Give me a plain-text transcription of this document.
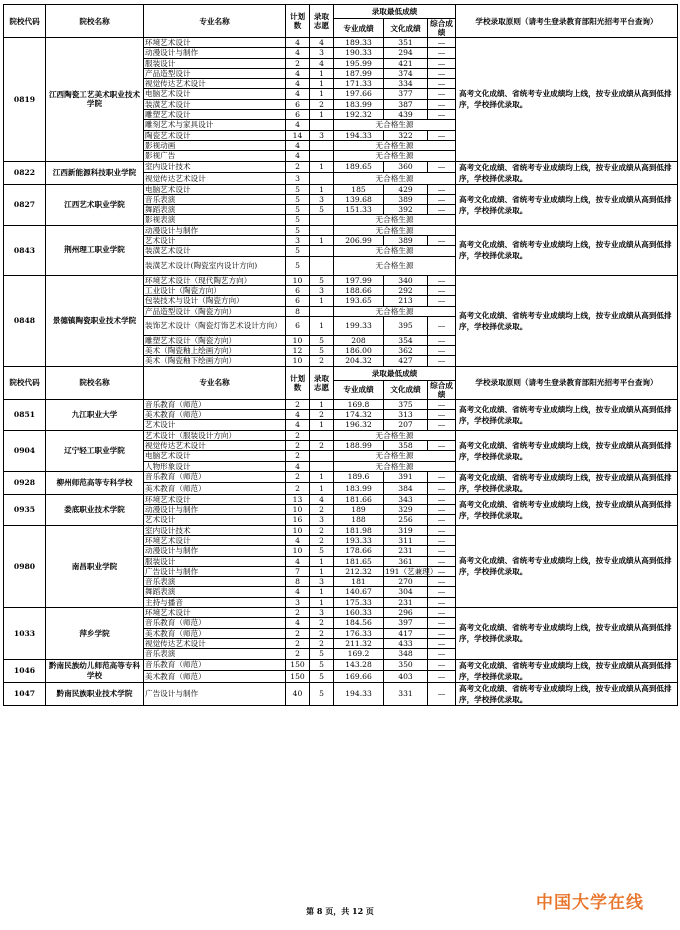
院校代码	院校名称	专业名称	计划数	录取志愿	录取最低成绩			学校录取原则（请考生登录教育部阳光招考平台查询）
					专业成绩	文化成绩	综合成绩	
0819	江西陶瓷工艺美术职业技术学院	环境艺术设计	4	4	189.33	351	—	高考文化成绩、省统考专业成绩均上线，按专业成绩从高到低排序，学校择优录取。
		动漫设计与制作	4	3	190.33	294	—	
		服装设计	2	4	195.99	421	—	
		产品造型设计	4	1	187.99	374	—	
		视觉传达艺术设计	4	1	171.33	334	—	
		电脑艺术设计	4	1	197.66	377	—	
		装潢艺术设计	6	2	183.99	387	—	
		雕塑艺术设计	6	1	192.32	439	—	
		雕刻艺术与家具设计	4		无合格生源			
		陶瓷艺术设计	14	3	194.33	322	—	
		影视动画	4		无合格生源			
		影视广告	4		无合格生源			
0822	江西新能源科技职业学院	室内设计技术	2	1	189.65	360	—	高考文化成绩、省统考专业成绩均上线，按专业成绩从高到低排序，学校择优录取。
		视觉传达艺术设计	3		无合格生源			
0827	江西艺术职业学院	电脑艺术设计	5	1	185	429	—	高考文化成绩、省统考专业成绩均上线，按专业成绩从高到低排序，学校择优录取。
		音乐表演	5	3	139.68	389	—	
		舞蹈表演	5	5	151.33	392	—	
		影视表演	5		无合格生源			
0843	荆州理工职业学院	动漫设计与制作	5		无合格生源			高考文化成绩、省统考专业成绩均上线，按专业成绩从高到低排序，学校择优录取。
		艺术设计	3	1	206.99	389	—	
		装潢艺术设计	5		无合格生源			
		装潢艺术设计(陶瓷室内设计方向)	5		无合格生源			
0848	景德镇陶瓷职业技术学院	环境艺术设计（现代陶艺方向）	10	5	197.99	340	—	高考文化成绩、省统考专业成绩均上线，按专业成绩从高到低排序，学校择优录取。
		工业设计（陶瓷方向）	6	3	188.66	292	—	
		包装技术与设计（陶瓷方向）	6	1	193.65	213	—	
		产品造型设计（陶瓷方向）	8		无合格生源			
		装饰艺术设计（陶瓷灯饰艺术设计方向）	6	1	199.33	395	—	
		雕塑艺术设计（陶瓷方向）	10	5	208	354	—	
		美术（陶瓷釉上绘画方向）	12	5	186.00	362	—	
		美术（陶瓷釉下绘画方向）	10	2	204.32	427	—	
院校代码	院校名称	专业名称	计划数	录取志愿	录取最低成绩			学校录取原则（请考生登录教育部阳光招考平台查询）
					专业成绩	文化成绩	综合成绩	
0851	九江职业大学	音乐教育（师范）	2	1	169.8	375	—	高考文化成绩、省统考专业成绩均上线，按专业成绩从高到低排序，学校择优录取。
		美术教育（师范）	4	2	174.32	313	—	
		艺术设计	4	1	196.32	207	—	
0904	辽宁轻工职业学院	艺术设计（服装设计方向）	2		无合格生源			高考文化成绩、省统考专业成绩均上线，按专业成绩从高到低排序，学校择优录取。
		视觉传达艺术设计	2	2	188.99	358	—	
		电脑艺术设计	2		无合格生源			
		人物形象设计	4		无合格生源			
0928	柳州师范高等专科学校	音乐教育（师范）	2	1	189.6	391	—	高考文化成绩、省统考专业成绩均上线，按专业成绩从高到低排序，学校择优录取。
		美术教育（师范）	2	1	183.99	384	—	
0935	娄底职业技术学院	环境艺术设计	13	4	181.66	343	—	高考文化成绩、省统考专业成绩均上线，按专业成绩从高到低排序，学校择优录取。
		动漫设计与制作	10	2	189	329	—	
		艺术设计	16	3	188	256	—	
0980	南昌职业学院	室内设计技术	10	2	181.98	319	—	高考文化成绩、省统考专业成绩均上线，按专业成绩从高到低排序，学校择优录取。
		环境艺术设计	4	2	193.33	311	—	
		动漫设计与制作	10	5	178.66	231	—	
		服装设计	4	1	181.65	361	—	
		广告设计与制作	7	1	212.32	191（艺兼理）	—	
		音乐表演	8	3	181	270	—	
		舞蹈表演	4	1	140.67	304	—	
		主持与播音	3	1	175.33	231	—	
1033	萍乡学院	环境艺术设计	2	3	160.33	296	—	高考文化成绩、省统考专业成绩均上线，按专业成绩从高到低排序，学校择优录取。
		音乐教育（师范）	4	2	184.56	397	—	
		美术教育（师范）	2	2	176.33	417	—	
		视觉传达艺术设计	2	2	211.32	433	—	
		音乐表演	2	5	169.2	348	—	
1046	黔南民族幼儿师范高等专科学校	音乐教育（师范）	150	5	143.28	350	—	高考文化成绩、省统考专业成绩均上线，按专业成绩从高到低排序，学校择优录取。
		美术教育（师范）	150	5	169.66	403	—	
1047	黔南民族职业技术学院	广告设计与制作	40	5	194.33	331	—	高考文化成绩、省统考专业成绩均上线，按专业成绩从高到低排序，学校择优录取。
中国大学在线
第 8 页，共 12 页
